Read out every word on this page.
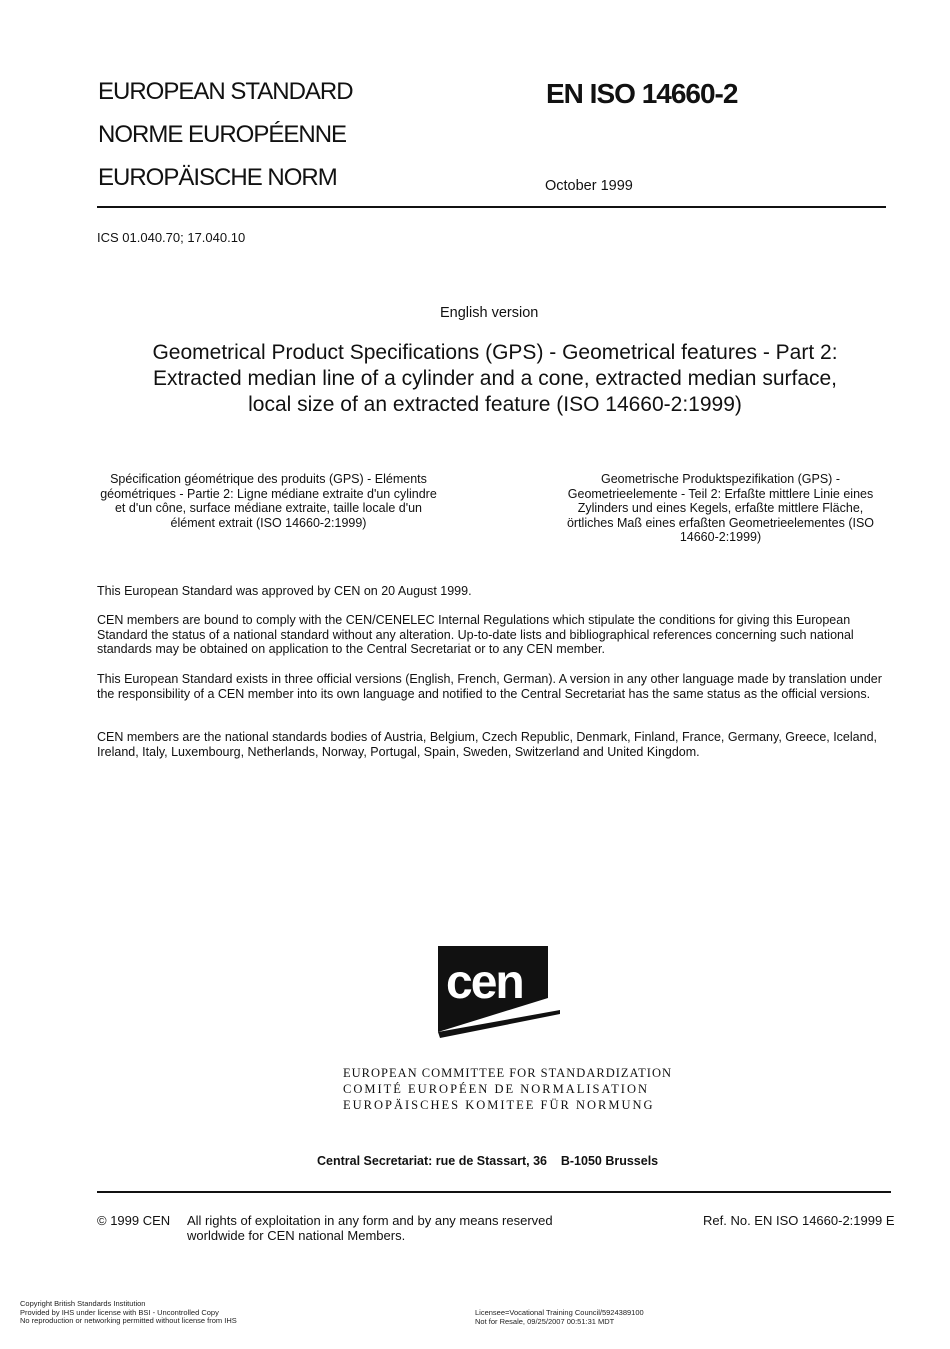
EUROPEAN STANDARD
NORME EUROPÉENNE
EUROPÄISCHE NORM
EN ISO 14660-2
October 1999
ICS 01.040.70; 17.040.10
English version
Geometrical Product Specifications (GPS) - Geometrical features - Part 2: Extracted median line of a cylinder and a cone, extracted median surface, local size of an extracted feature (ISO 14660-2:1999)
Spécification géométrique des produits (GPS) - Eléments géométriques - Partie 2: Ligne médiane extraite d'un cylindre et d'un cône, surface médiane extraite, taille locale d'un élément extrait (ISO 14660-2:1999)
Geometrische Produktspezifikation (GPS) - Geometrieelemente - Teil 2: Erfaßte mittlere Linie eines Zylinders und eines Kegels, erfaßte mittlere Fläche, örtliches Maß eines erfaßten Geometrieelementes (ISO 14660-2:1999)
This European Standard was approved by CEN on 20 August 1999.
CEN members are bound to comply with the CEN/CENELEC Internal Regulations which stipulate the conditions for giving this European Standard the status of a national standard without any alteration. Up-to-date lists and bibliographical references concerning such national standards may be obtained on application to the Central Secretariat or to any CEN member.
This European Standard exists in three official versions (English, French, German). A version in any other language made by translation under the responsibility of a CEN member into its own language and notified to the Central Secretariat has the same status as the official versions.
CEN members are the national standards bodies of Austria, Belgium, Czech Republic, Denmark, Finland, France, Germany, Greece, Iceland, Ireland, Italy, Luxembourg, Netherlands, Norway, Portugal, Spain, Sweden, Switzerland and United Kingdom.
cen
EUROPEAN COMMITTEE FOR STANDARDIZATION
COMITÉ EUROPÉEN DE NORMALISATION
EUROPÄISCHES KOMITEE FÜR NORMUNG
Central Secretariat: rue de Stassart, 36    B-1050 Brussels
© 1999 CEN All rights of exploitation in any form and by any means reserved
worldwide for CEN national Members.
Ref. No. EN ISO 14660-2:1999 E
Copyright British Standards Institution
Provided by IHS under license with BSI - Uncontrolled Copy
No reproduction or networking permitted without license from IHS
Licensee=Vocational Training Council/5924389100
Not for Resale, 09/25/2007 00:51:31 MDT
